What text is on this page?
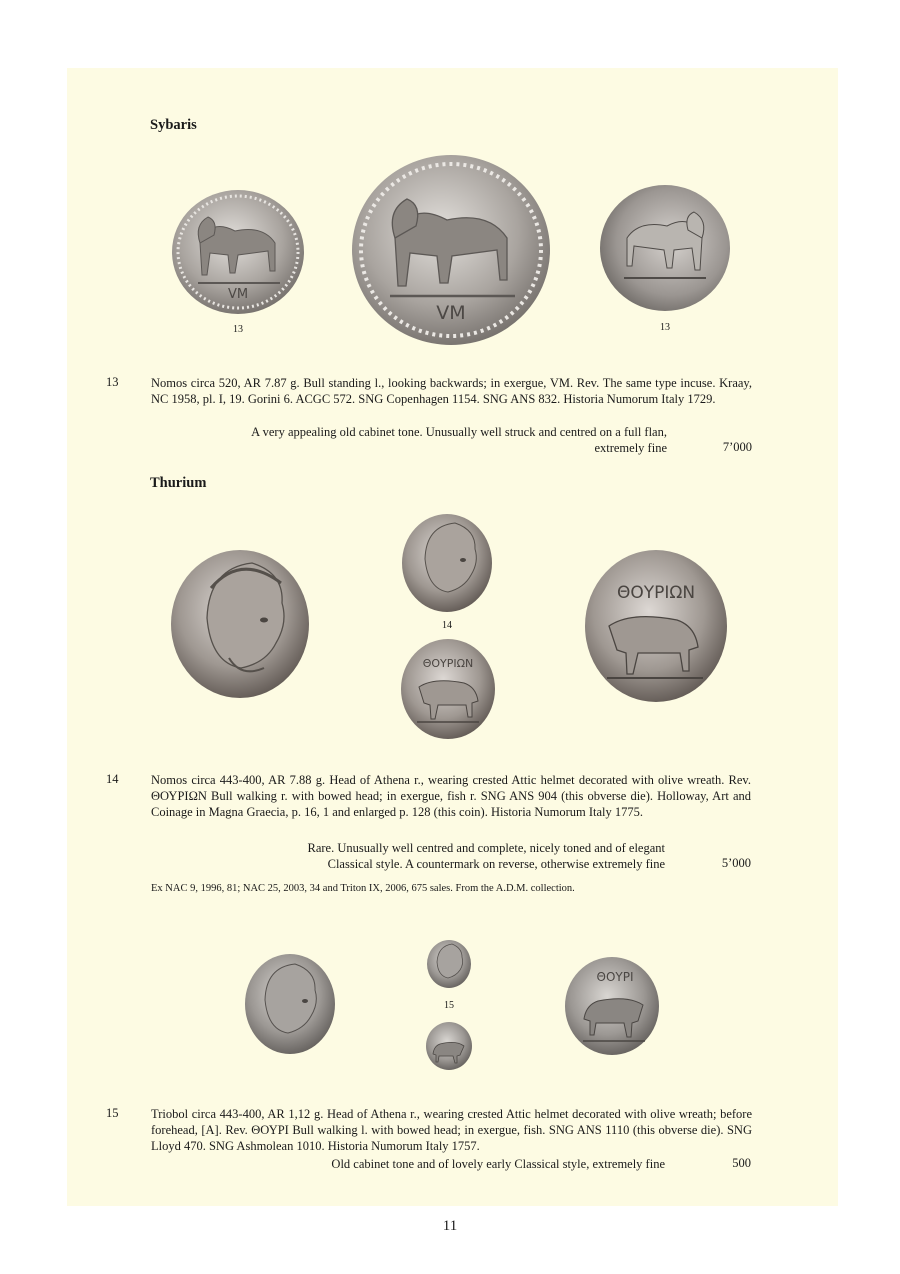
Sybaris
VM
VM
13	13
13	Nomos circa 520, AR 7.87 g. Bull standing l., looking backwards; in exergue, VM. Rev. The same type incuse. Kraay, NC 1958, pl. I, 19. Gorini 6. ACGC 572. SNG Copenhagen 1154. SNG ANS 832. Historia Numorum Italy 1729.
A very appealing old cabinet tone. Unusually well struck and centred on a full flan,
extremely fine	7’000
Thurium
14
ΘΟΥΡΙΩΝ
ΘΟΥΡΙΩΝ
14	Nomos circa 443-400, AR 7.88 g. Head of Athena r., wearing crested Attic helmet decorated with olive wreath. Rev. ΘΟΥΡΙΩΝ Bull walking r. with bowed head; in exergue, fish r. SNG ANS 904 (this obverse die). Holloway, Art and Coinage in Magna Graecia, p. 16, 1 and enlarged p. 128 (this coin). Historia Numorum Italy 1775.
Rare. Unusually well centred and complete, nicely toned and of elegant
Classical style. A countermark on reverse, otherwise extremely fine	5’000
Ex NAC 9, 1996, 81; NAC 25, 2003, 34 and Triton IX, 2006, 675 sales. From the A.D.M. collection.
15
ΘΟΥΡΙ
15	Triobol circa 443-400, AR 1,12 g. Head of Athena r., wearing crested Attic helmet decorated with olive wreath; before forehead, [A]. Rev. ΘΟΥΡΙ Bull walking l. with bowed head; in exergue, fish. SNG ANS 1110 (this obverse die). SNG Lloyd 470. SNG Ashmolean 1010. Historia Numorum Italy 1757.
Old cabinet tone and of lovely early Classical style, extremely fine	500
11
